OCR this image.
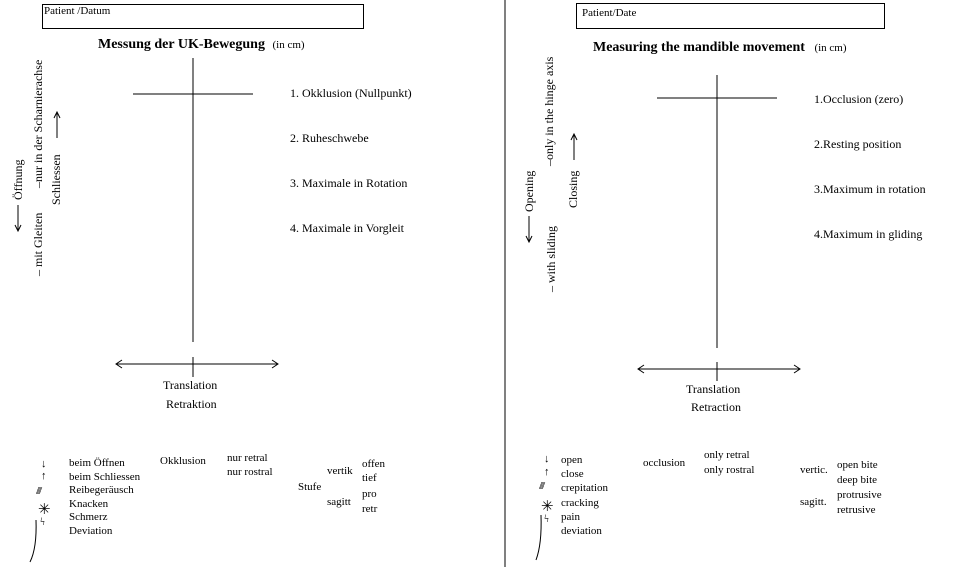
Patient /Datum
Messung der UK-Bewegung (in cm)
Öffnung
– mit Gleiten
–nur in der Scharnierachse Schliessen
1. Okklusion (Nullpunkt)
2. Ruheschwebe
3. Maximale in Rotation
4. Maximale in Vorgleit
Translation
Retraktion
↓
↑
////
✳
ϟ
beim Öffnen
beim Schliessen
Reibegeräusch
Knacken
Schmerz
Deviation
Okklusion nur retral
nur rostral
Stufe
vertik
sagitt
offen
tief
pro
retr
Patient/Date
Measuring the mandible movement (in cm)
Opening
– with sliding
–only in the hinge axis
Closing
1.Occlusion (zero)
2.Resting position
3.Maximum in rotation
4.Maximum in gliding
Translation
Retraction
↓
↑
////
✳
ϟ
open
close
crepitation
cracking
pain
deviation
occlusion
only retral
only rostral	vertic.
sagitt.
open bite
deep bite
protrusive
retrusive
